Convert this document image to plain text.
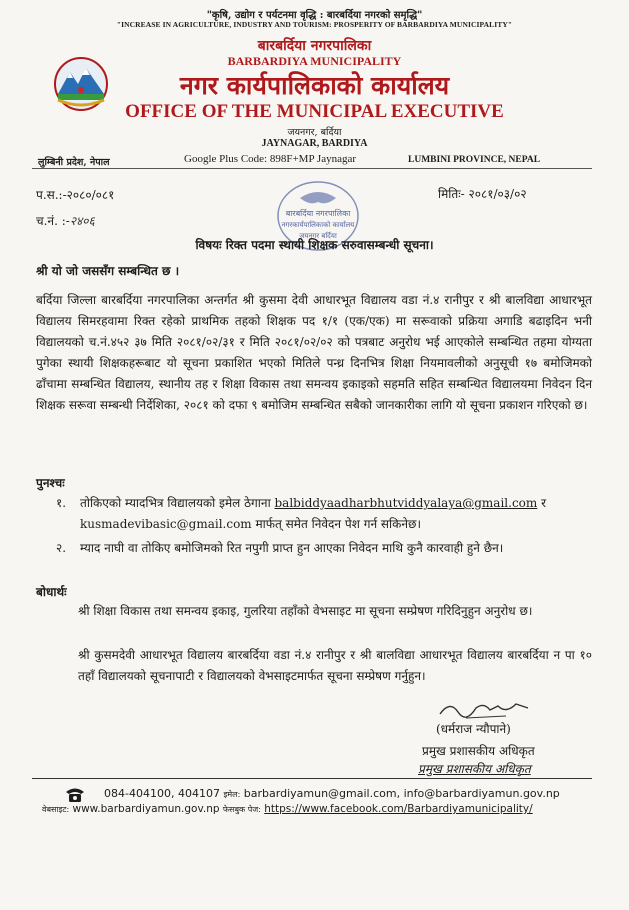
"कृषि, उद्योग र पर्यटनमा वृद्धि : बारबर्दिया नगरको समृद्धि"
"INCREASE IN AGRICULTURE, INDUSTRY AND TOURISM: PROSPERITY OF BARBARDIYA MUNICIPALITY"
बारबर्दिया नगरपालिका
BARBARDIYA MUNICIPALITY
नगर कार्यपालिकाको कार्यालय
OFFICE OF THE MUNICIPAL EXECUTIVE
जयनगर, बर्दिया
JAYNAGAR, BARDIYA
लुम्बिनी प्रदेश, नेपाल	Google Plus Code: 898F+MP Jaynagar	LUMBINI PROVINCE, NEPAL
बारबर्दिया नगरपालिका
नगरकार्यपालिकाको कार्यालय
जयनगर बर्दिया
प.स.:-२०८०/०८१
च.नं. :-२४०६
मितिः- २०८१/०३/०२
विषयः रिक्त पदमा स्थायी शिक्षक सरुवासम्बन्धी सूचना।
श्री यो जो जससँग सम्बन्धित छ ।
बर्दिया जिल्ला बारबर्दिया नगरपालिका अन्तर्गत श्री कुसमा देवी आधारभूत विद्यालय वडा नं.४ रानीपुर र श्री बालविद्या आधारभूत विद्यालय सिमरहवामा रिक्त रहेको प्राथमिक तहको शिक्षक पद १/१ (एक/एक) मा सरूवाको प्रक्रिया अगाडि बढाइदिन भनी विद्यालयको च.नं.४५२ ३७ मिति २०८१/०२/३१ र मिति २०८१/०२/०२ को पत्रबाट अनुरोध भई आएकोले सम्बन्धित तहमा योग्यता पुगेका स्थायी शिक्षकहरूबाट यो सूचना प्रकाशित भएको मितिले पन्ध्र दिनभित्र शिक्षा नियमावलीको अनुसूची १७ बमोजिमको ढाँचामा सम्बन्धित विद्यालय, स्थानीय तह र शिक्षा विकास तथा समन्वय इकाइको सहमति सहित सम्बन्धित विद्यालयमा निवेदन दिन शिक्षक सरूवा सम्बन्धी निर्देशिका, २०८१ को दफा ९ बमोजिम सम्बन्धित सबैको जानकारीका लागि यो सूचना प्रकाशन गरिएको छ।
पुनश्चः
१. तोकिएको म्यादभित्र विद्यालयको इमेल ठेगाना balbiddyaadharbhutviddyalaya@gmail.com र kusmadevibasic@gmail.com मार्फत् समेत निवेदन पेश गर्न सकिनेछ।
२. म्याद नाघी वा तोकिए बमोजिमको रित नपुगी प्राप्त हुन आएका निवेदन माथि कुनै कारवाही हुने छैन।
बोधार्थः
श्री शिक्षा विकास तथा समन्वय इकाइ, गुलरिया तहाँको वेभसाइट मा सूचना सम्प्रेषण गरिदिनुहुन अनुरोध छ।
श्री कुसमदेवी आधारभूत विद्यालय बारबर्दिया वडा नं.४ रानीपुर र श्री बालविद्या आधारभूत विद्यालय बारबर्दिया न पा १० तहाँ विद्यालयको सूचनापाटी र विद्यालयको वेभसाइटमार्फत सूचना सम्प्रेषण गर्नुहुन।
(धर्मराज न्यौपाने)
प्रमुख प्रशासकीय अधिकृत
प्रमुख प्रशासकीय अधिकृत
084-404100, 404107 इमेल: barbardiyamun@gmail.com, info@barbardiyamun.gov.np
वेबसाइट: www.barbardiyamun.gov.np फेसबुक पेज: https://www.facebook.com/Barbardiyamunicipality/
